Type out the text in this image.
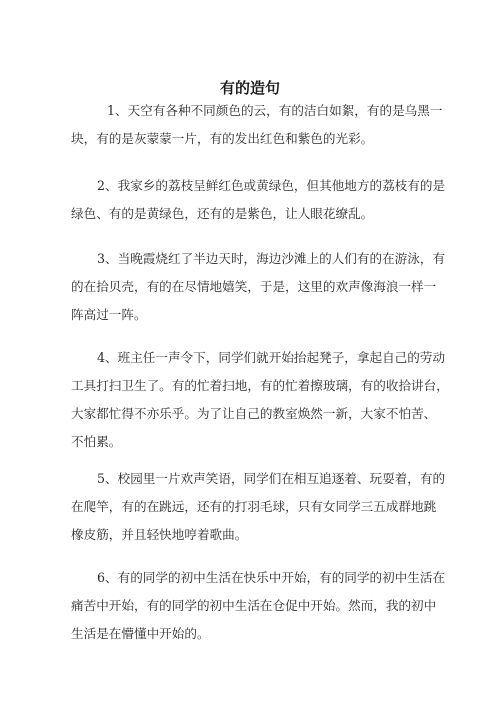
有的造句
1、天空有各种不同颜色的云，有的洁白如絮，有的是乌黑一
块，有的是灰蒙蒙一片，有的发出红色和紫色的光彩。
2、我家乡的荔枝呈鲜红色或黄绿色，但其他地方的荔枝有的是
绿色、有的是黄绿色，还有的是紫色，让人眼花缭乱。
3、当晚霞烧红了半边天时，海边沙滩上的人们有的在游泳，有
的在拾贝壳，有的在尽情地嬉笑，于是，这里的欢声像海浪一样一
阵高过一阵。
4、班主任一声令下，同学们就开始抬起凳子，拿起自己的劳动
工具打扫卫生了。有的忙着扫地，有的忙着擦玻璃，有的收拾讲台，
大家都忙得不亦乐乎。为了让自己的教室焕然一新，大家不怕苦、
不怕累。
5、校园里一片欢声笑语，同学们在相互追逐着、玩耍着，有的
在爬竿，有的在跳远，还有的打羽毛球，只有女同学三五成群地跳
橡皮筋，并且轻快地哼着歌曲。
6、有的同学的初中生活在快乐中开始，有的同学的初中生活在
痛苦中开始，有的同学的初中生活在仓促中开始。然而，我的初中
生活是在懵懂中开始的。
